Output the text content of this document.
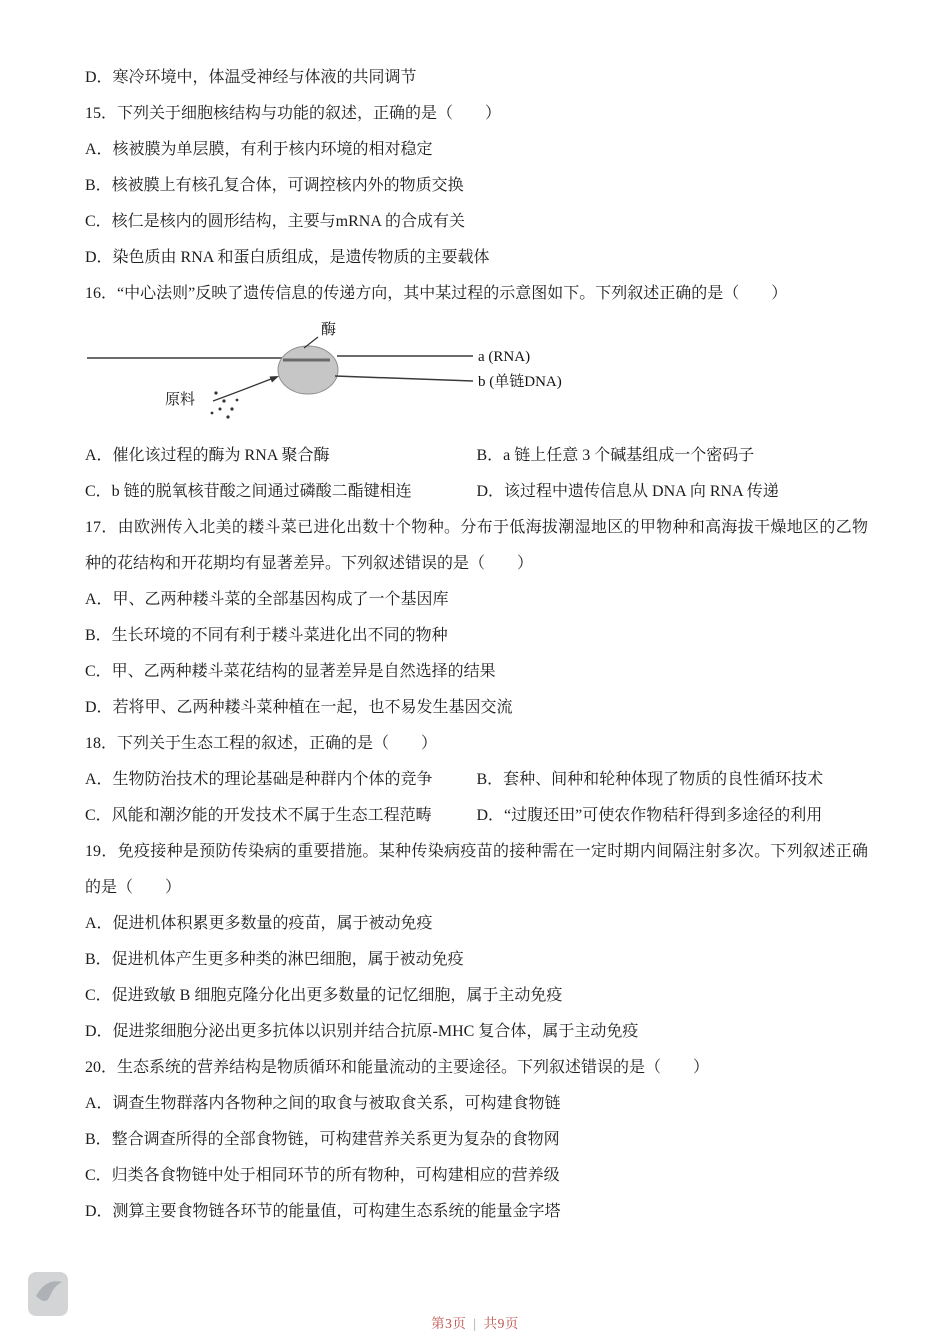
D．寒冷环境中，体温受神经与体液的共同调节

15．下列关于细胞核结构与功能的叙述，正确的是（　　）

A．核被膜为单层膜，有利于核内环境的相对稳定

B．核被膜上有核孔复合体，可调控核内外的物质交换

C．核仁是核内的圆形结构，主要与mRNA 的合成有关

D．染色质由 RNA 和蛋白质组成，是遗传物质的主要载体

16．“中心法则”反映了遗传信息的传递方向，其中某过程的示意图如下。下列叙述正确的是（　　）

酶
a (RNA)
b (单链DNA)
原料

A．催化该过程的酶为 RNA 聚合酶	B．a 链上任意 3 个碱基组成一个密码子

C．b 链的脱氧核苷酸之间通过磷酸二酯键相连	D．该过程中遗传信息从 DNA 向 RNA 传递

17．由欧洲传入北美的耧斗菜已进化出数十个物种。分布于低海拔潮湿地区的甲物种和高海拔干燥地区的乙物种的花结构和开花期均有显著差异。下列叙述错误的是（　　）

A．甲、乙两种耧斗菜的全部基因构成了一个基因库

B．生长环境的不同有利于耧斗菜进化出不同的物种

C．甲、乙两种耧斗菜花结构的显著差异是自然选择的结果

D．若将甲、乙两种耧斗菜种植在一起，也不易发生基因交流

18．下列关于生态工程的叙述，正确的是（　　）

A．生物防治技术的理论基础是种群内个体的竞争	B．套种、间种和轮种体现了物质的良性循环技术

C．风能和潮汐能的开发技术不属于生态工程范畴	D．“过腹还田”可使农作物秸秆得到多途径的利用

19．免疫接种是预防传染病的重要措施。某种传染病疫苗的接种需在一定时期内间隔注射多次。下列叙述正确的是（　　）

A．促进机体积累更多数量的疫苗，属于被动免疫

B．促进机体产生更多种类的淋巴细胞，属于被动免疫

C．促进致敏 B 细胞克隆分化出更多数量的记忆细胞，属于主动免疫

D．促进浆细胞分泌出更多抗体以识别并结合抗原-MHC 复合体，属于主动免疫

20．生态系统的营养结构是物质循环和能量流动的主要途径。下列叙述错误的是（　　）

A．调查生物群落内各物种之间的取食与被取食关系，可构建食物链

B．整合调查所得的全部食物链，可构建营养关系更为复杂的食物网

C．归类各食物链中处于相同环节的所有物种，可构建相应的营养级

D．测算主要食物链各环节的能量值，可构建生态系统的能量金字塔

第3页 | 共9页
